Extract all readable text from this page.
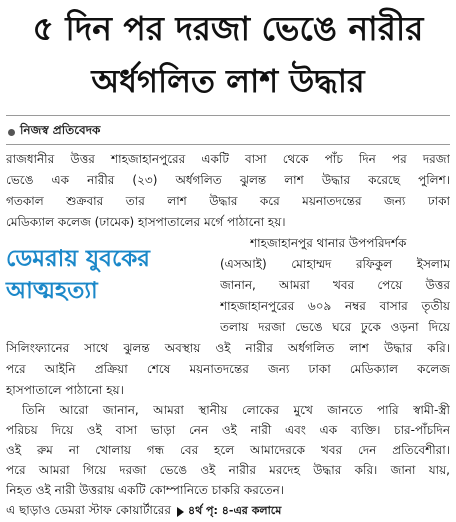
৫ দিন পর দরজা ভেঙে নারীর
অর্ধগলিত লাশ উদ্ধার
নিজস্ব প্রতিবেদক
রাজধানীর উত্তর শাহজাহানপুরের একটি বাসা থেকে পাঁচ দিন পর দরজা
ভেঙে এক নারীর (২৩) অর্ধগলিত ঝুলন্ত লাশ উদ্ধার করেছে পুলিশ।
গতকাল শুক্রবার তার লাশ উদ্ধার করে ময়নাতদন্তের জন্য ঢাকা
মেডিক্যাল কলেজ (ঢামেক) হাসপাতালের মর্গে পাঠানো হয়।
ডেমরায় যুবকের
আত্মহত্যা
শাহজাহানপুর থানার উপপরিদর্শক
(এসআই) মোহাম্মদ রফিকুল ইসলাম
জানান, আমরা খবর পেয়ে উত্তর
শাহজাহানপুরের ৬০৯ নম্বর বাসার তৃতীয়
তলায় দরজা ভেঙে ঘরে ঢুকে ওড়না দিয়ে
সিলিংফ্যানের সাথে ঝুলন্ত অবস্থায় ওই নারীর অর্ধগলিত লাশ উদ্ধার করি।
পরে আইনি প্রক্রিয়া শেষে ময়নাতদন্তের জন্য ঢাকা মেডিক্যাল কলেজ
হাসপাতালে পাঠানো হয়।
তিনি আরো জানান, আমরা স্থানীয় লোকের মুখে জানতে পারি স্বামী-স্ত্রী
পরিচয় দিয়ে ওই বাসা ভাড়া নেন ওই নারী এবং এক ব্যক্তি। চার-পাঁচদিন
ওই রুম না খোলায় গন্ধ বের হলে আমাদেরকে খবর দেন প্রতিবেশীরা।
পরে আমরা গিয়ে দরজা ভেঙে ওই নারীর মরদেহ উদ্ধার করি। জানা যায়,
নিহত ওই নারী উত্তরায় একটি কোম্পানিতে চাকরি করতেন।
এ ছাড়াও ডেমরা স্টাফ কোয়ার্টারের ৪র্থ পৃ: ৪-এর কলামে
